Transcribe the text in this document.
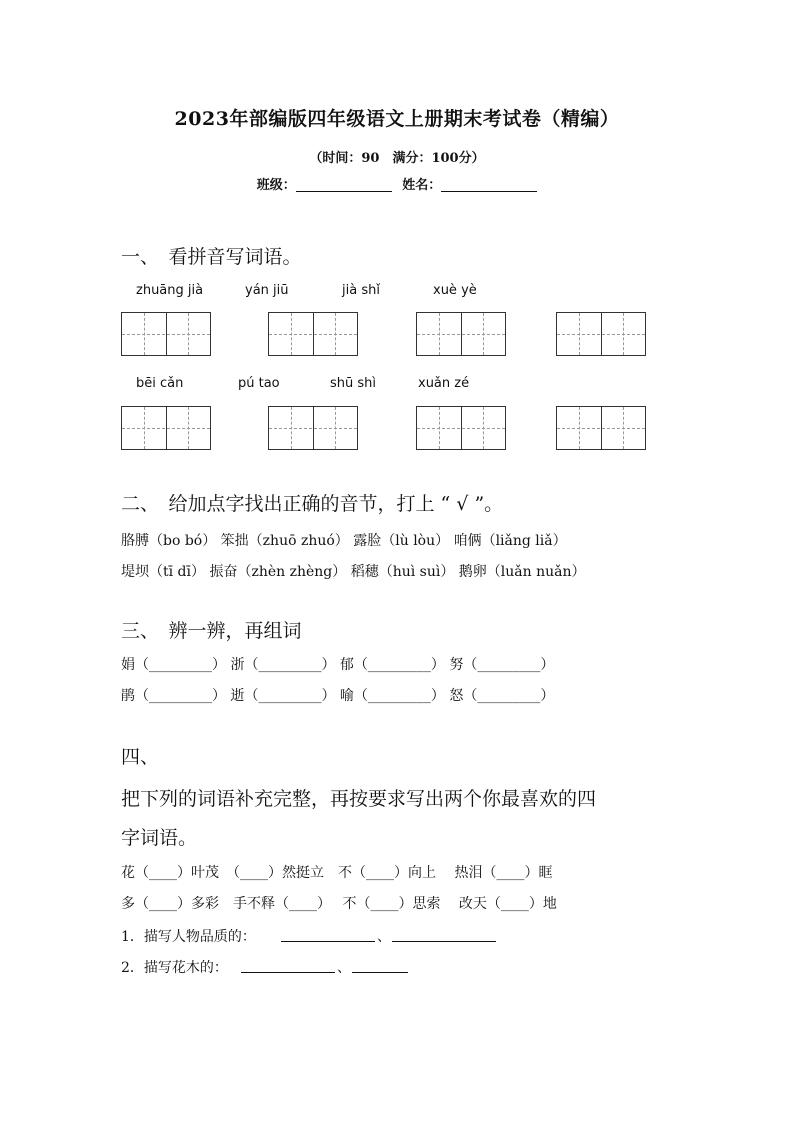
2023年部编版四年级语文上册期末考试卷（精编）
（时间：90　满分：100分）
班级：	姓名：
一、　看拼音写词语。
zhuāng jià	yán jiū	jià shǐ	xuè yè
bēi cǎn	pú tao	shū shì	xuǎn zé
二、　给加点字找出正确的音节，打上 “ √ ”。
胳膊（bo bó） 笨拙（zhuō zhuó） 露脸（lù lòu） 咱俩（liǎng liǎ）
堤坝（tī dī） 振奋（zhèn zhèng） 稻穗（huì suì） 鹅卵（luǎn nuǎn）
三、　辨一辨，再组词
娟（_________） 浙（_________） 郁（_________） 努（_________）
鹃（_________） 逝（_________） 喻（_________） 怒（_________）
四、
把下列的词语补充完整，再按要求写出两个你最喜欢的四
字词语。
花（____）叶茂　（____）然挺立　不（____）向上　 热泪（____）眶
多（____）多彩　手不释（____）　 不（____）思索　 改天（____）地
1．描写人物品质的：	、
2．描写花木的：	、
